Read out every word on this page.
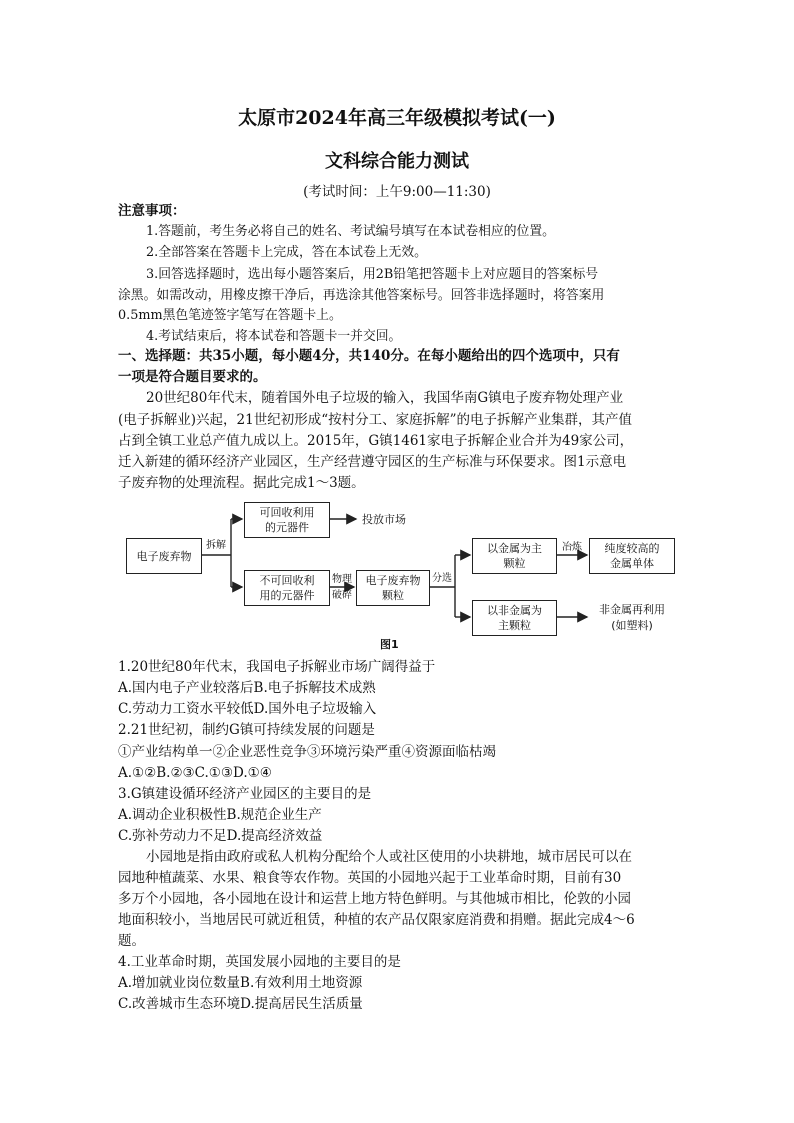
太原市2024年高三年级模拟考试(一)
文科综合能力测试
(考试时间：上午9:00—11:30)
注意事项：
1.答题前，考生务必将自己的姓名、考试编号填写在本试卷相应的位置。
2.全部答案在答题卡上完成，答在本试卷上无效。
3.回答选择题时，选出每小题答案后，用2B铅笔把答题卡上对应题目的答案标号
涂黑。如需改动，用橡皮擦干净后，再选涂其他答案标号。回答非选择题时，将答案用
0.5mm黑色笔迹签字笔写在答题卡上。
4.考试结束后，将本试卷和答题卡一并交回。
一、选择题：共35小题，每小题4分，共140分。在每小题给出的四个选项中，只有
一项是符合题目要求的。
20世纪80年代末，随着国外电子垃圾的输入，我国华南G镇电子废弃物处理产业
(电子拆解业)兴起，21世纪初形成“按村分工、家庭拆解”的电子拆解产业集群，其产值
占到全镇工业总产值九成以上。2015年，G镇1461家电子拆解企业合并为49家公司，
迁入新建的循环经济产业园区，生产经营遵守园区的生产标准与环保要求。图1示意电
子废弃物的处理流程。据此完成1～3题。
电子废弃物
拆解
可回收利用
的元器件
投放市场
不可回收利
用的元器件
物理
破碎
电子废弃物
颗粒
分选
以金属为主
颗粒
冶炼	纯度较高的
金属单体
以非金属为
主颗粒
非金属再利用
(如塑料)
图1
1.20世纪80年代末，我国电子拆解业市场广阔得益于
A.国内电子产业较落后B.电子拆解技术成熟
C.劳动力工资水平较低D.国外电子垃圾输入
2.21世纪初，制约G镇可持续发展的问题是
①产业结构单一②企业恶性竞争③环境污染严重④资源面临枯竭
A.①②B.②③C.①③D.①④
3.G镇建设循环经济产业园区的主要目的是
A.调动企业积极性B.规范企业生产
C.弥补劳动力不足D.提高经济效益
小园地是指由政府或私人机构分配给个人或社区使用的小块耕地，城市居民可以在
园地种植蔬菜、水果、粮食等农作物。英国的小园地兴起于工业革命时期，目前有30
多万个小园地，各小园地在设计和运营上地方特色鲜明。与其他城市相比，伦敦的小园
地面积较小，当地居民可就近租赁，种植的农产品仅限家庭消费和捐赠。据此完成4～6
题。
4.工业革命时期，英国发展小园地的主要目的是
A.增加就业岗位数量B.有效利用土地资源
C.改善城市生态环境D.提高居民生活质量
